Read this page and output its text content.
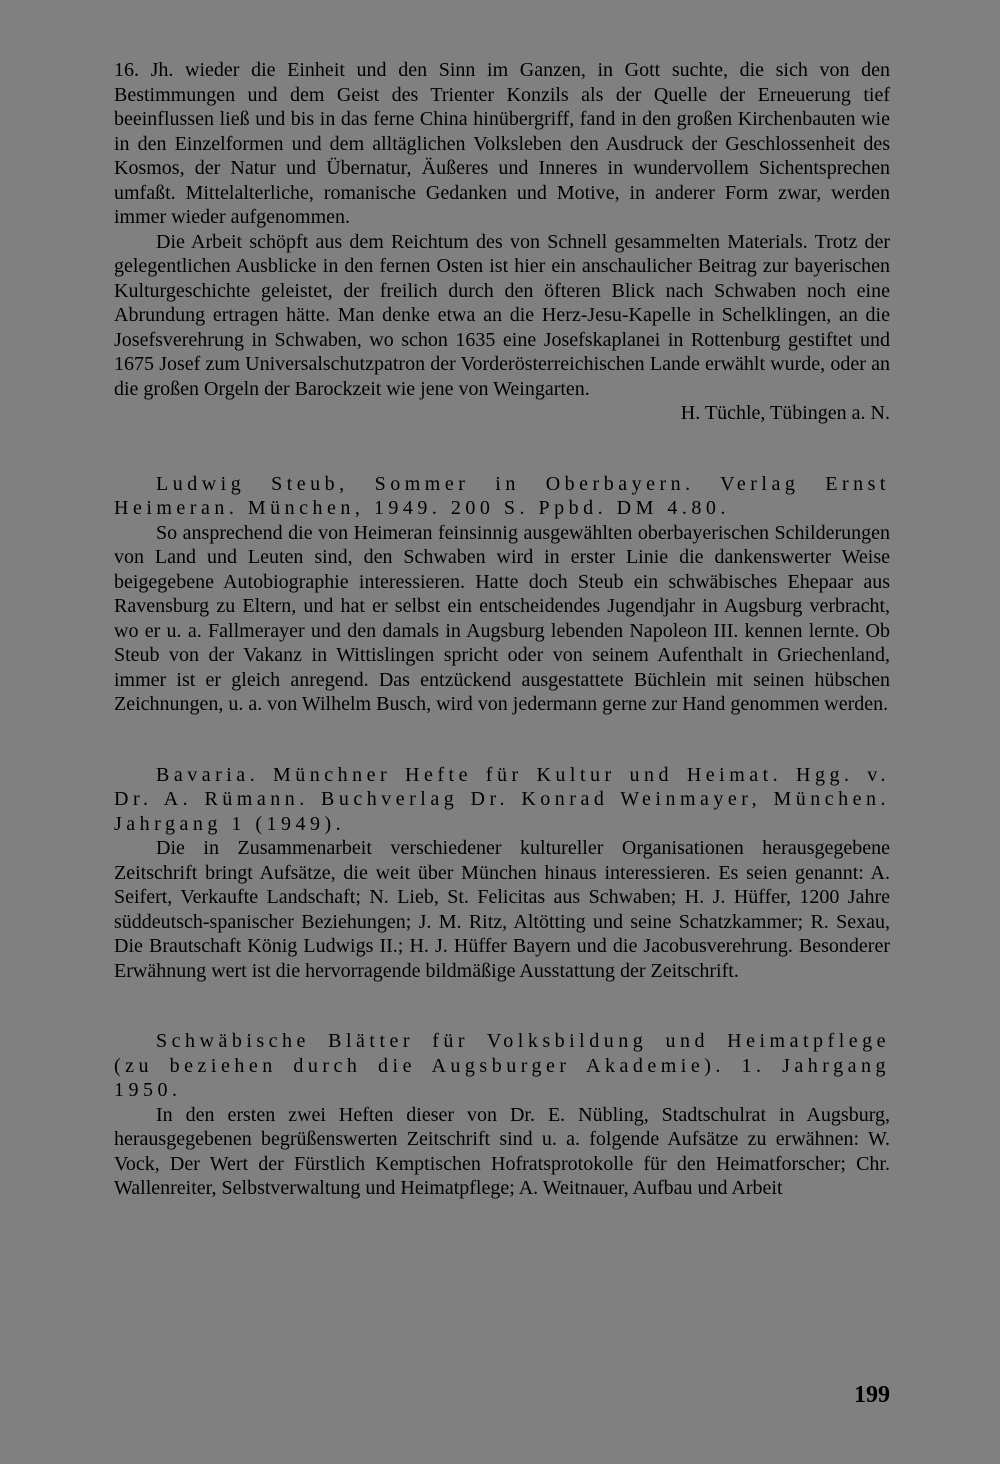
16. Jh. wieder die Einheit und den Sinn im Ganzen, in Gott suchte, die sich von den Bestimmungen und dem Geist des Trienter Konzils als der Quelle der Erneuerung tief beeinflussen ließ und bis in das ferne China hinübergriff, fand in den großen Kirchenbauten wie in den Einzelformen und dem alltäglichen Volksleben den Ausdruck der Geschlossenheit des Kosmos, der Natur und Übernatur, Äußeres und Inneres in wundervollem Sichentsprechen umfaßt. Mittelalterliche, romanische Gedanken und Motive, in anderer Form zwar, werden immer wieder aufgenommen.

Die Arbeit schöpft aus dem Reichtum des von Schnell gesammelten Materials. Trotz der gelegentlichen Ausblicke in den fernen Osten ist hier ein anschaulicher Beitrag zur bayerischen Kulturgeschichte geleistet, der freilich durch den öfteren Blick nach Schwaben noch eine Abrundung ertragen hätte. Man denke etwa an die Herz-Jesu-Kapelle in Schelklingen, an die Josefsverehrung in Schwaben, wo schon 1635 eine Josefskaplanei in Rottenburg gestiftet und 1675 Josef zum Universalschutzpatron der Vorderösterreichischen Lande erwählt wurde, oder an die großen Orgeln der Barockzeit wie jene von Weingarten.

H. Tüchle, Tübingen a. N.

Ludwig Steub, Sommer in Oberbayern. Verlag Ernst Heimeran. München, 1949. 200 S. Ppbd. DM 4.80.

So ansprechend die von Heimeran feinsinnig ausgewählten oberbayerischen Schilderungen von Land und Leuten sind, den Schwaben wird in erster Linie die dankenswerter Weise beigegebene Autobiographie interessieren. Hatte doch Steub ein schwäbisches Ehepaar aus Ravensburg zu Eltern, und hat er selbst ein entscheidendes Jugendjahr in Augsburg verbracht, wo er u. a. Fallmerayer und den damals in Augsburg lebenden Napoleon III. kennen lernte. Ob Steub von der Vakanz in Wittislingen spricht oder von seinem Aufenthalt in Griechenland, immer ist er gleich anregend. Das entzückend ausgestattete Büchlein mit seinen hübschen Zeichnungen, u. a. von Wilhelm Busch, wird von jedermann gerne zur Hand genommen werden.

Bavaria. Münchner Hefte für Kultur und Heimat. Hgg. v. Dr. A. Rümann. Buchverlag Dr. Konrad Weinmayer, München. Jahrgang 1 (1949).

Die in Zusammenarbeit verschiedener kultureller Organisationen herausgegebene Zeitschrift bringt Aufsätze, die weit über München hinaus interessieren. Es seien genannt: A. Seifert, Verkaufte Landschaft; N. Lieb, St. Felicitas aus Schwaben; H. J. Hüffer, 1200 Jahre süddeutsch-spanischer Beziehungen; J. M. Ritz, Altötting und seine Schatzkammer; R. Sexau, Die Brautschaft König Ludwigs II.; H. J. Hüffer Bayern und die Jacobusverehrung. Besonderer Erwähnung wert ist die hervorragende bildmäßige Ausstattung der Zeitschrift.

Schwäbische Blätter für Volksbildung und Heimatpflege (zu beziehen durch die Augsburger Akademie). 1. Jahrgang 1950.

In den ersten zwei Heften dieser von Dr. E. Nübling, Stadtschulrat in Augsburg, herausgegebenen begrüßenswerten Zeitschrift sind u. a. folgende Aufsätze zu erwähnen: W. Vock, Der Wert der Fürstlich Kemptischen Hofratsprotokolle für den Heimatforscher; Chr. Wallenreiter, Selbstverwaltung und Heimatpflege; A. Weitnauer, Aufbau und Arbeit

199
